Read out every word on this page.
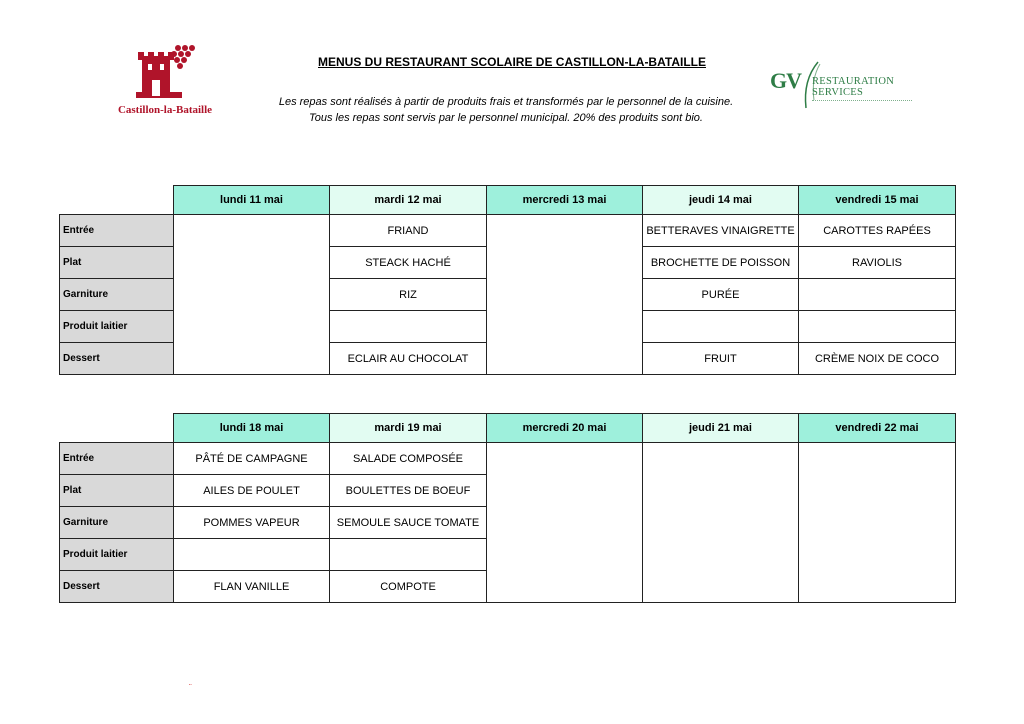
Castillon-la-Bataille
MENUS DU RESTAURANT SCOLAIRE DE CASTILLON-LA-BATAILLE
Les repas sont réalisés à partir de produits frais et transformés par le personnel de la cuisine.
Tous les repas sont servis par le personnel municipal. 20% des produits sont bio.
GV RESTAURATION
SERVICES
	lundi 11 mai	mardi 12 mai	mercredi 13 mai	jeudi 14 mai	vendredi 15 mai
Entrée		FRIAND		BETTERAVES VINAIGRETTE	CAROTTES RAPÉES
Plat		STEACK HACHÉ		BROCHETTE DE POISSON	RAVIOLIS
Garniture		RIZ		PURÉE	
Produit laitier					
Dessert		ECLAIR AU CHOCOLAT		FRUIT	CRÈME NOIX DE COCO
	lundi 18 mai	mardi 19 mai	mercredi 20 mai	jeudi 21 mai	vendredi 22 mai
Entrée	PÂTÉ DE CAMPAGNE	SALADE COMPOSÉE			
Plat	AILES DE POULET	BOULETTES DE BOEUF			
Garniture	POMMES VAPEUR	SEMOULE SAUCE TOMATE			
Produit laitier					
Dessert	FLAN VANILLE	COMPOTE			
¨
